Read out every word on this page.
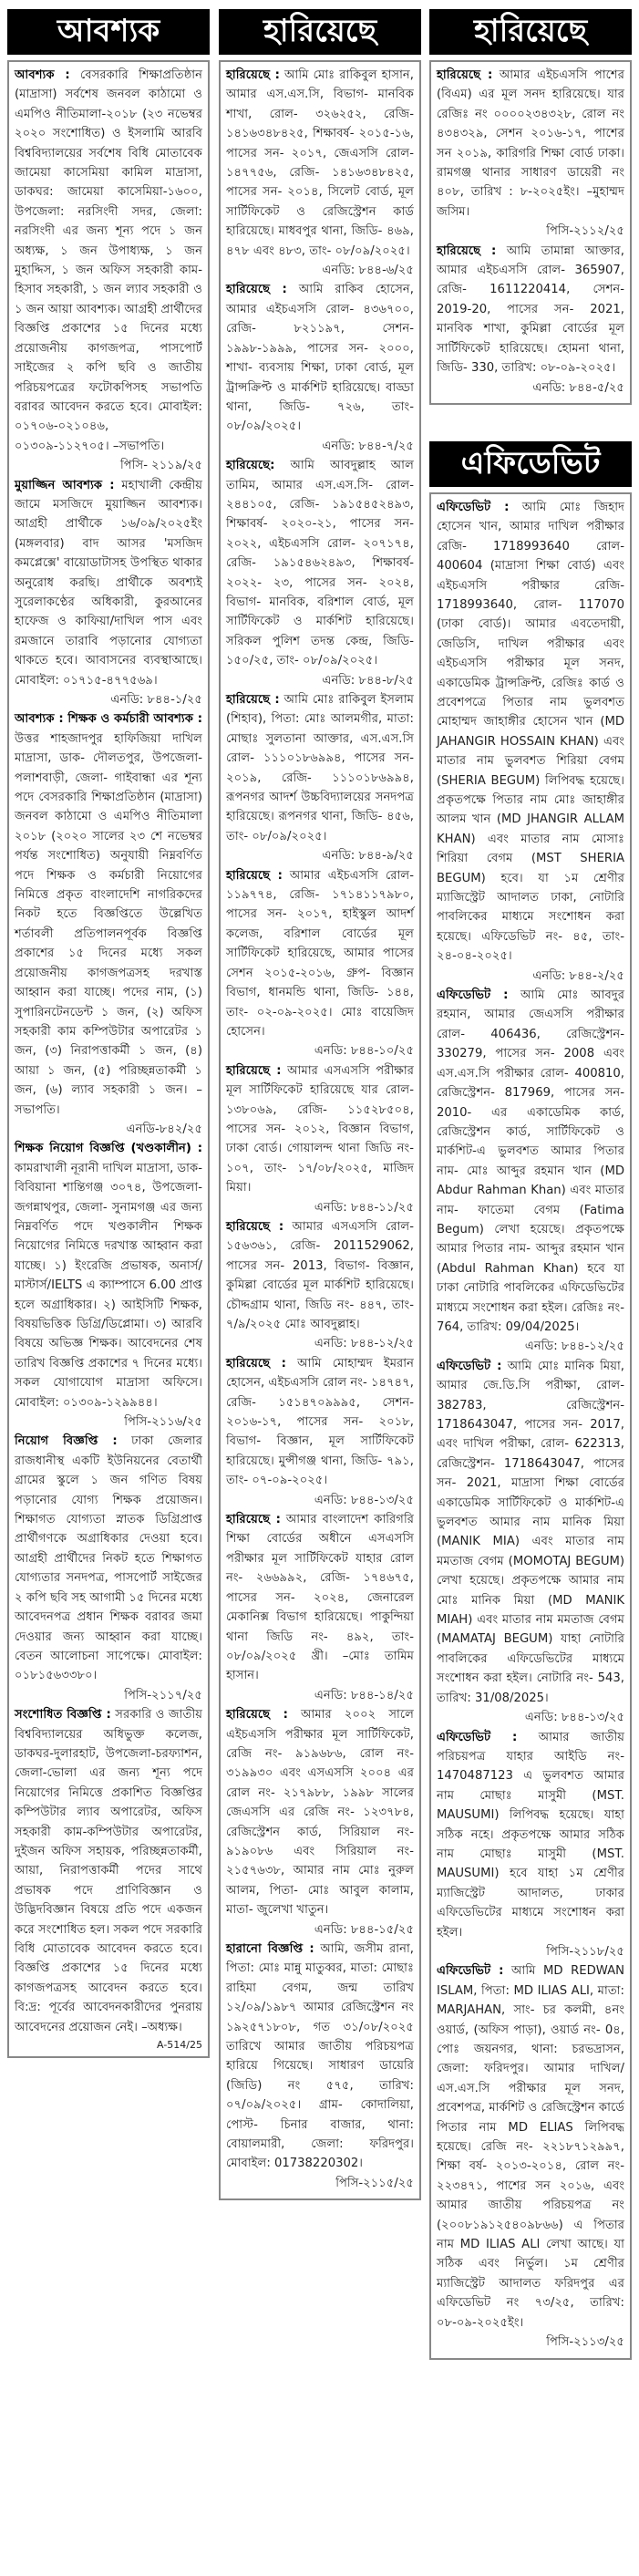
আবশ্যক
আবশ্যক : বেসরকারি শিক্ষাপ্রতিষ্ঠান (মাদ্রাসা) সর্বশেষ জনবল কাঠামো ও এমপিও নীতিমালা-২০১৮ (২৩ নভেম্বর ২০২০ সংশোধিত) ও ইসলামি আরবি বিশ্ববিদ্যালয়ের সর্বশেষ বিধি মোতাবেক জামেয়া কাসেমিয়া কামিল মাদ্রাসা, ডাকঘর: জামেয়া কাসেমিয়া-১৬০০, উপজেলা: নরসিংদী সদর, জেলা: নরসিংদী এর জন্য শূন্য পদে ১ জন অধ্যক্ষ, ১ জন উপাধ্যক্ষ, ১ জন মুহাদ্দিস, ১ জন অফিস সহকারী কাম-হিসাব সহকারী, ১ জন ল্যাব সহকারী ও ১ জন আয়া আবশ্যক। আগ্রহী প্রার্থীদের বিজ্ঞপ্তি প্রকাশের ১৫ দিনের মধ্যে প্রয়োজনীয় কাগজপত্র, পাসপোর্ট সাইজের ২ কপি ছবি ও জাতীয় পরিচয়পত্রের ফটোকপিসহ সভাপতি বরাবর আবেদন করতে হবে। মোবাইল: ০১৭০৬-০২১০৪৬, ০১৩০৯-১১২৭০৫। –সভাপতি।
পিসি- ২১১৯/২৫
মুয়াজ্জিন আবশ্যক : মহাখালী কেন্দ্রীয় জামে মসজিদে মুয়াজ্জিন আবশ্যক। আগ্রহী প্রার্থীকে ১৬/০৯/২০২৫ইং (মঙ্গলবার) বাদ আসর 'মসজিদ কমপ্লেক্সে' বায়োডাটাসহ উপস্থিত থাকার অনুরোধ করছি। প্রার্থীকে অবশ্যই সুরেলাকণ্ঠের অধিকারী, কুরআনের হাফেজ ও কাফিয়া/দাখিল পাস এবং রমজানে তারাবি পড়ানোর যোগ্যতা থাকতে হবে। আবাসনের ব্যবস্থাআছে। মোবাইল: ০১৭১৫-৪৭৭৫৬৯।
এনডি: ৮৪৪-১/২৫
আবশ্যক : শিক্ষক ও কর্মচারী আবশ্যক : উত্তর শাহজাদপুর হাফিজিয়া দাখিল মাদ্রাসা, ডাক- দৌলতপুর, উপজেলা- পলাশবাড়ী, জেলা- গাইবান্ধা এর শূন্য পদে বেসরকারি শিক্ষাপ্রতিষ্ঠান (মাদ্রাসা) জনবল কাঠামো ও এমপিও নীতিমালা ২০১৮ (২০২০ সালের ২৩ শে নভেম্বর পর্যন্ত সংশোধিত) অনুযায়ী নিম্নবর্ণিত পদে শিক্ষক ও কর্মচারী নিয়োগের নিমিত্তে প্রকৃত বাংলাদেশি নাগরিকদের নিকট হতে বিজ্ঞপ্তিতে উল্লেখিত শর্তাবলী প্রতিপালনপূর্বক বিজ্ঞপ্তি প্রকাশের ১৫ দিনের মধ্যে সকল প্রয়োজনীয় কাগজপত্রসহ দরখাস্ত আহ্বান করা যাচ্ছে। পদের নাম, (১) সুপারিনটেনডেন্ট ১ জন, (২) অফিস সহকারী কাম কম্পিউটার অপারেটর ১ জন, (৩) নিরাপত্তাকর্মী ১ জন, (৪) আয়া ১ জন, (৫) পরিচ্ছন্নতাকর্মী ১ জন, (৬) ল্যাব সহকারী ১ জন। –সভাপতি।
এনডি-৮৪২/২৫
শিক্ষক নিয়োগ বিজ্ঞপ্তি (খণ্ডকালীন) : কামরাখালী নূরানী দাখিল মাদ্রাসা, ডাক- বিবিয়ানা শান্তিগঞ্জ ৩০৭৪, উপজেলা- জগন্নাথপুর, জেলা- সুনামগঞ্জ এর জন্য নিম্নবর্ণিত পদে খণ্ডকালীন শিক্ষক নিয়োগের নিমিত্তে দরখাস্ত আহ্বান করা যাচ্ছে। ১) ইংরেজি প্রভাষক, অনার্স/মাস্টার্স/IELTS এ ক্যাম্পাসে 6.00 প্রাপ্ত হলে অগ্রাধিকার। ২) আইসিটি শিক্ষক, বিষয়ভিত্তিক ডিগ্রি/ডিপ্লোমা। ৩) আরবি বিষয়ে অভিজ্ঞ শিক্ষক। আবেদনের শেষ তারিখ বিজ্ঞপ্তি প্রকাশের ৭ দিনের মধ্যে। সকল যোগাযোগ মাদ্রাসা অফিসে। মোবাইল: ০১৩০৯-১২৯৯৪৪।
পিসি-২১১৬/২৫
নিয়োগ বিজ্ঞপ্তি : ঢাকা জেলার রাজধানীস্থ একটি ইউনিয়নের বেতার্থী গ্রামের স্কুলে ১ জন গণিত বিষয় পড়ানোর যোগ্য শিক্ষক প্রয়োজন। শিক্ষাগত যোগ্যতা স্নাতক ডিগ্রিপ্রাপ্ত প্রার্থীগণকে অগ্রাধিকার দেওয়া হবে। আগ্রহী প্রার্থীদের নিকট হতে শিক্ষাগত যোগ্যতার সনদপত্র, পাসপোর্ট সাইজের ২ কপি ছবি সহ আগামী ১৫ দিনের মধ্যে আবেদনপত্র প্রধান শিক্ষক বরাবর জমা দেওয়ার জন্য আহ্বান করা যাচ্ছে। বেতন আলোচনা সাপেক্ষে। মোবাইল: ০১৮১৫৬৩৩৮০।
পিসি-২১১৭/২৫
সংশোধিত বিজ্ঞপ্তি : সরকারি ও জাতীয় বিশ্ববিদ্যালয়ের অধিভুক্ত কলেজ, ডাকঘর-দুলারহাট, উপজেলা-চরফ্যাশন, জেলা-ভোলা এর জন্য শূন্য পদে নিয়োগের নিমিত্তে প্রকাশিত বিজ্ঞপ্তির কম্পিউটার ল্যাব অপারেটর, অফিস সহকারী কাম-কম্পিউটার অপারেটর, দুইজন অফিস সহায়ক, পরিচ্ছন্নতাকর্মী, আয়া, নিরাপত্তাকর্মী পদের সাথে প্রভাষক পদে প্রাণিবিজ্ঞান ও উদ্ভিদবিজ্ঞান বিষয়ে প্রতি পদে একজন করে সংশোধিত হল। সকল পদে সরকারি বিধি মোতাবেক আবেদন করতে হবে। বিজ্ঞপ্তি প্রকাশের ১৫ দিনের মধ্যে কাগজপত্রসহ আবেদন করতে হবে। বি:দ্র: পূর্বের আবেদনকারীদের পুনরায় আবেদনের প্রয়োজন নেই। –অধ্যক্ষ।
A-514/25
হারিয়েছে
হারিয়েছে : আমি মোঃ রাকিবুল হাসান, আমার এস.এস.সি, বিভাগ- মানবিক শাখা, রোল- ৩২৬২৫২, রেজি- ১৪১৬৩৪৮৪২৫, শিক্ষাবর্ষ- ২০১৫-১৬, পাসের সন- ২০১৭, জেএসসি রোল- ১৪৭৭৫৬, রেজি- ১৪১৬৩৪৮৪২৫, পাসের সন- ২০১৪, সিলেট বোর্ড, মূল সার্টিফিকেট ও রেজিস্ট্রেশন কার্ড হারিয়েছে। মাধবপুর থানা, জিডি- ৪৬৯, ৪৭৮ এবং ৪৮৩, তাং- ০৮/০৯/২০২৫।
এনডি: ৮৪৪-৬/২৫
হারিয়েছে : আমি রাকিব হোসেন, আমার এইচএসসি রোল- ৪৩৬৭০০, রেজি- ৮২১১৯৭, সেশন- ১৯৯৮-১৯৯৯, পাসের সন- ২০০০, শাখা- ব্যবসায় শিক্ষা, ঢাকা বোর্ড, মূল ট্রান্সক্রিপ্ট ও মার্কশিট হারিয়েছে। বাড্ডা থানা, জিডি- ৭২৬, তাং- ০৮/০৯/২০২৫।
এনডি: ৮৪৪-৭/২৫
হারিয়েছে: আমি আবদুল্লাহ আল তামিম, আমার এস.এস.সি- রোল- ২৪৪১০৫, রেজি- ১৯১৫৪৫২৪৯৩, শিক্ষাবর্ষ- ২০২০-২১, পাসের সন- ২০২২, এইচএসসি রোল- ২০৭১৭৪, রেজি- ১৯১৫৪৬২৪৯৩, শিক্ষাবর্ষ- ২০২২- ২৩, পাসের সন- ২০২৪, বিভাগ- মানবিক, বরিশাল বোর্ড, মূল সার্টিফিকেট ও মার্কশিট হারিয়েছে। সরিকল পুলিশ তদন্ত কেন্দ্র, জিডি- ১৫০/২৫, তাং- ০৮/০৯/২০২৫।
এনডি: ৮৪৪-৮/২৫
হারিয়েছে : আমি মোঃ রাকিবুল ইসলাম (শিহাব), পিতা: মোঃ আলমগীর, মাতা: মোছাঃ সুলতানা আক্তার, এস.এস.সি রোল- ১১১০১৮৬৯৯৪, পাসের সন- ২০১৯, রেজি- ১১১০১৮৬৯৯৪, রূপনগর আদর্শ উচ্চবিদ্যালয়ের সনদপত্র হারিয়েছে। রূপনগর থানা, জিডি- ৪৫৬, তাং- ০৮/০৯/২০২৫।
এনডি: ৮৪৪-৯/২৫
হারিয়েছে : আমার এইচএসসি রোল- ১১৯৭৭৪, রেজি- ১৭১৪১১৭৯৮০, পাসের সন- ২০১৭, হাইস্কুল আদর্শ কলেজ, বরিশাল বোর্ডের মূল সার্টিফিকেট হারিয়েছে, আমার পাসের সেশন ২০১৫-২০১৬, গ্রুপ- বিজ্ঞান বিভাগ, ধানমন্ডি থানা, জিডি- ১৪৪, তাং- ০২-০৯-২০২৫। মোঃ বায়েজিদ হোসেন।
এনডি: ৮৪৪-১০/২৫
হারিয়েছে : আমার এসএসসি পরীক্ষার মূল সার্টিফিকেট হারিয়েছে যার রোল- ১৩৮০৬৯, রেজি- ১১৫২৮৫০৪, পাসের সন- ২০১২, বিজ্ঞান বিভাগ, ঢাকা বোর্ড। গোয়ালন্দ থানা জিডি নং- ১০৭, তাং- ১৭/০৮/২০২৫, মাজিদ মিয়া।
এনডি: ৮৪৪-১১/২৫
হারিয়েছে : আমার এসএসসি রোল- ১৫৬৩৬১, রেজি- 2011529062, পাসের সন- 2013, বিভাগ- বিজ্ঞান, কুমিল্লা বোর্ডের মূল মার্কশিট হারিয়েছে। চৌদ্দগ্রাম থানা, জিডি নং- ৪৪৭, তাং- ৭/৯/২০২৫ মোঃ আবদুল্লাহ।
এনডি: ৮৪৪-১২/২৫
হারিয়েছে : আমি মোহাম্মদ ইমরান হোসেন, এইচএসসি রোল নং- ১৪৭৪৭, রেজি- ১৫১৪৭০৯৯৯৫, সেশন- ২০১৬-১৭, পাসের সন- ২০১৮, বিভাগ- বিজ্ঞান, মূল সার্টিফিকেট হারিয়েছে। মুন্সীগঞ্জ থানা, জিডি- ৭৯১, তাং- ০৭-০৯-২০২৫।
এনডি: ৮৪৪-১৩/২৫
হারিয়েছে : আমার বাংলাদেশ কারিগরি শিক্ষা বোর্ডের অধীনে এসএসসি পরীক্ষার মূল সার্টিফিকেট যাহার রোল নং- ২৬৬৯৯২, রেজি- ১৭৪৬৭৫, পাসের সন- ২০২৪, জেনারেল মেকানিক্স বিভাগ হারিয়েছে। পাকুন্দিয়া থানা জিডি নং- ৪৯২, তাং- ০৮/০৯/২০২৫ খ্রী। –মোঃ তামিম হাসান।
এনডি: ৮৪৪-১৪/২৫
হারিয়েছে : আমার ২০০২ সালে এইচএসসি পরীক্ষার মূল সার্টিফিকেট, রেজি নং- ৯১৯৬৮৬, রোল নং- ৩১৯৯৩০ এবং এসএসসি ২০০৪ এর রোল নং- ২১৭৯৮৮, ১৯৯৮ সালের জেএসসি এর রেজি নং- ১২৩৭৮৪, রেজিস্ট্রেশন কার্ড, সিরিয়াল নং- ৯১৯০৮৬ এবং সিরিয়াল নং- ২১৫৭৬৩৮, আমার নাম মোঃ নুরুল আলম, পিতা- মোঃ আবুল কালাম, মাতা- জুলেখা খাতুন।
এনডি: ৮৪৪-১৫/২৫
হারানো বিজ্ঞপ্তি : আমি, জসীম রানা, পিতা: মোঃ মান্নু মাতুব্বর, মাতা: মোছাঃ রাহিমা বেগম, জন্ম তারিখ ১২/০৯/১৯৮৭ আমার রেজিস্ট্রেশন নং ১৯২৫৭১৮০৮, গত ৩১/০৮/২০২৫ তারিখে আমার জাতীয় পরিচয়পত্র হারিয়ে গিয়েছে। সাধারণ ডায়েরি (জিডি) নং ৫৭৫, তারিখ: ০৭/০৯/২০২৫। গ্রাম- কোদালিয়া, পোস্ট- চিনার বাজার, থানা: বোয়ালমারী, জেলা: ফরিদপুর। মোবাইল: 01738220302।
পিসি-২১১৫/২৫
হারিয়েছে
হারিয়েছে : আমার এইচএসসি পাশের (বিএম) এর মূল সনদ হারিয়েছে। যার রেজিঃ নং ০০০০২৩৪৩২৮, রোল নং ৪৩৪৩২৯, সেশন ২০১৬-১৭, পাশের সন ২০১৯, কারিগরি শিক্ষা বোর্ড ঢাকা। রামগঞ্জ থানার সাধারণ ডায়েরী নং ৪০৮, তারিখ : ৮-২০২৫ইং। –মুহাম্মদ জসিম।
পিসি-২১১২/২৫
হারিয়েছে : আমি তামান্না আক্তার, আমার এইচএসসি রোল- 365907, রেজি- 1611220414, সেশন- 2019-20, পাসের সন- 2021, মানবিক শাখা, কুমিল্লা বোর্ডের মূল সার্টিফিকেট হারিয়েছে। হোমনা থানা, জিডি- 330, তারিখ: ০৮-০৯-২০২৫।
এনডি: ৮৪৪-৫/২৫
এফিডেভিট
এফিডেভিট : আমি মোঃ জিহাদ হোসেন খান, আমার দাখিল পরীক্ষার রেজি- 1718993640 রোল- 400604 (মাদ্রাসা শিক্ষা বোর্ড) এবং এইচএসসি পরীক্ষার রেজি- 1718993640, রোল- 117070 (ঢাকা বোর্ড)। আমার এবতেদায়ী, জেডিসি, দাখিল পরীক্ষার এবং এইচএসসি পরীক্ষার মূল সনদ, একাডেমিক ট্রান্সক্রিপ্ট, রেজিঃ কার্ড ও প্রবেশপত্রে পিতার নাম ভুলবশত মোহাম্মদ জাহাঙ্গীর হোসেন খান (MD JAHANGIR HOSSAIN KHAN) এবং মাতার নাম ভুলবশত শিরিয়া বেগম (SHERIA BEGUM) লিপিবদ্ধ হয়েছে। প্রকৃতপক্ষে পিতার নাম মোঃ জাহাঙ্গীর আলম খান (MD JHANGIR ALLAM KHAN) এবং মাতার নাম মোসাঃ শিরিয়া বেগম (MST SHERIA BEGUM) হবে। যা ১ম শ্রেণীর ম্যাজিস্ট্রেট আদালত ঢাকা, নোটারি পাবলিকের মাধ্যমে সংশোধন করা হয়েছে। এফিডেভিট নং- ৪৫, তাং- ২৪-০৪-২০২৫।
এনডি: ৮৪৪-২/২৫
এফিডেভিট : আমি মোঃ আবদুর রহমান, আমার জেএসসি পরীক্ষার রোল- 406436, রেজিস্ট্রেশন- 330279, পাসের সন- 2008 এবং এস.এস.সি পরীক্ষার রোল- 400810, রেজিস্ট্রেশন- 817969, পাসের সন- 2010- এর একাডেমিক কার্ড, রেজিস্ট্রেশন কার্ড, সার্টিফিকেট ও মার্কশিট-এ ভুলবশত আমার পিতার নাম- মোঃ আব্দুর রহমান খান (MD Abdur Rahman Khan) এবং মাতার নাম- ফাতেমা বেগম (Fatima Begum) লেখা হয়েছে। প্রকৃতপক্ষে আমার পিতার নাম- আব্দুর রহমান খান (Abdul Rahman Khan) হবে যা ঢাকা নোটারি পাবলিকের এফিডেভিটের মাধ্যমে সংশোধন করা হইল। রেজিঃ নং- 764, তারিখ: 09/04/2025।
এনডি: ৮৪৪-১২/২৫
এফিডেভিট : আমি মোঃ মানিক মিয়া, আমার জে.ডি.সি পরীক্ষা, রোল- 382783, রেজিস্ট্রেশন- 1718643047, পাসের সন- 2017, এবং দাখিল পরীক্ষা, রোল- 622313, রেজিস্ট্রেশন- 1718643047, পাসের সন- 2021, মাদ্রাসা শিক্ষা বোর্ডের একাডেমিক সার্টিফিকেট ও মার্কশিট-এ ভুলবশত আমার নাম মানিক মিয়া (MANIK MIA) এবং মাতার নাম মমতাজ বেগম (MOMOTAJ BEGUM) লেখা হয়েছে। প্রকৃতপক্ষে আমার নাম মোঃ মানিক মিয়া (MD MANIK MIAH) এবং মাতার নাম মমতাজ বেগম (MAMATAJ BEGUM) যাহা নোটারি পাবলিকের এফিডেভিটের মাধ্যমে সংশোধন করা হইল। নোটারি নং- 543, তারিখ: 31/08/2025।
এনডি: ৮৪৪-১৩/২৫
এফিডেভিট : আমার জাতীয় পরিচয়পত্র যাহার আইডি নং- 1470487123 এ ভুলবশত আমার নাম মোছাঃ মাসুমী (MST. MAUSUMI) লিপিবদ্ধ হয়েছে। যাহা সঠিক নহে। প্রকৃতপক্ষে আমার সঠিক নাম মোছাঃ মাসুমী (MST. MAUSUMI) হবে যাহা ১ম শ্রেণীর ম্যাজিস্ট্রেট আদালত, ঢাকার এফিডেভিটের মাধ্যমে সংশোধন করা হইল।
পিসি-২১১৮/২৫
এফিডেভিট : আমি MD REDWAN ISLAM, পিতা: MD ILIAS ALI, মাতা: MARJAHAN, সাং- চর কলমী, ৪নং ওয়ার্ড, (অফিস পাড়া), ওয়ার্ড নং- 0৪, পোঃ জয়নগর, থানা: চরভদ্রাসন, জেলা: ফরিদপুর। আমার দাখিল/এস.এস.সি পরীক্ষার মূল সনদ, প্রবেশপত্র, মার্কশিট ও রেজিস্ট্রেশন কার্ডে পিতার নাম MD ELIAS লিপিবদ্ধ হয়েছে। রেজি নং- ২২১৮৭১২৯৯৭, শিক্ষা বর্ষ- ২০১৩-২০১৪, রোল নং- ২২৩৪৭১, পাশের সন ২০১৬, এবং আমার জাতীয় পরিচয়পত্র নং (২০০৮১৯১২৫৪০৯৮৬৬) এ পিতার নাম MD ILIAS ALI লেখা আছে। যা সঠিক এবং নির্ভুল। ১ম শ্রেণীর ম্যাজিস্ট্রেট আদালত ফরিদপুর এর এফিডেভিট নং ৭৩/২৫, তারিখ: ০৮-০৯-২০২৫ইং।
পিসি-২১১৩/২৫
